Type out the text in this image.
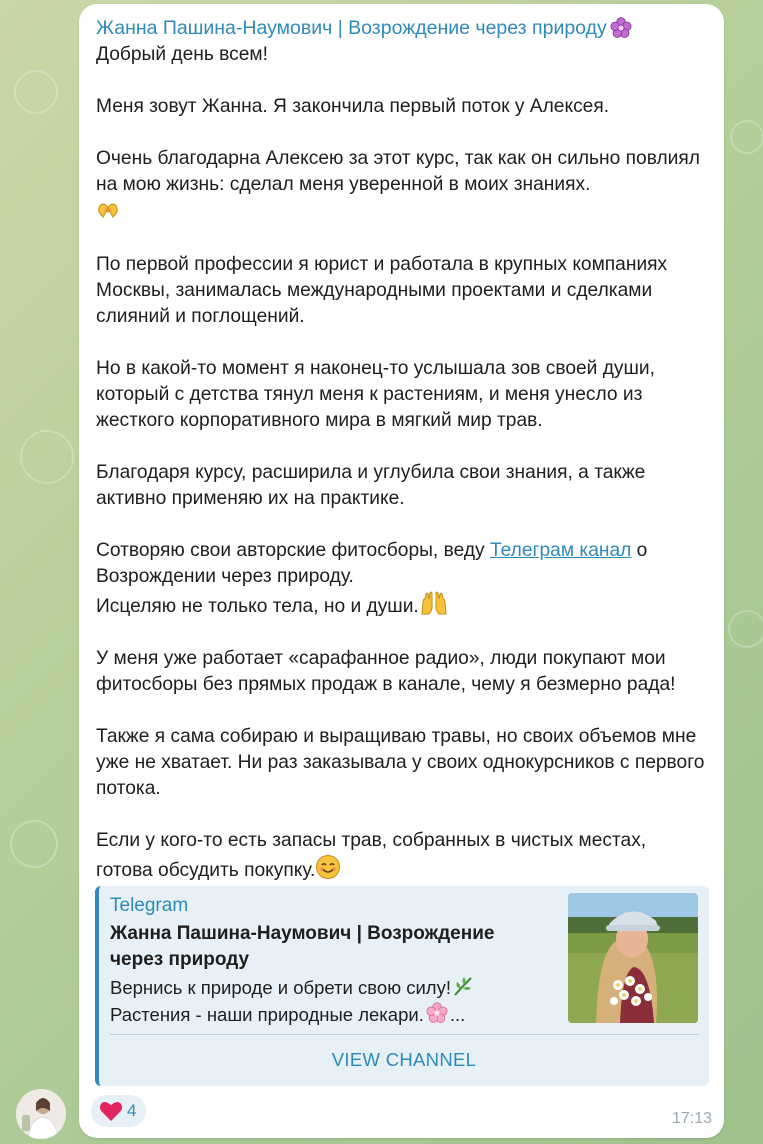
Жанна Пашина-Наумович | Возрождение через природу

Добрый день всем!

Меня зовут Жанна. Я закончила первый поток у Алексея.

Очень благодарна Алексею за этот курс, так как он сильно повлиял на мою жизнь: сделал меня уверенной в моих знаниях.

По первой профессии я юрист и работала в крупных компаниях Москвы, занималась международными проектами и сделками слияний и поглощений.

Но в какой-то момент я наконец-то услышала зов своей души, который с детства тянул меня к растениям, и меня унесло из жесткого корпоративного мира в мягкий мир трав.

Благодаря курсу, расширила и углубила свои знания, а также активно применяю их на практике.

Сотворяю свои авторские фитосборы, веду Телеграм канал о Возрождении через природу.
Исцеляю не только тела, но и души.

У меня уже работает «сарафанное радио», люди покупают мои фитосборы без прямых продаж в канале, чему я безмерно рада!

Также я сама собираю и выращиваю травы, но своих объемов мне уже не хватает. Ни раз заказывала у своих однокурсников с первого потока.

Если у кого-то есть запасы трав, собранных в чистых местах, готова обсудить покупку.

Telegram
Жанна Пашина-Наумович | Возрождение через природу
Вернись к природе и обрети свою силу!
Растения - наши природные лекари. ...
VIEW CHANNEL
4	17:13
